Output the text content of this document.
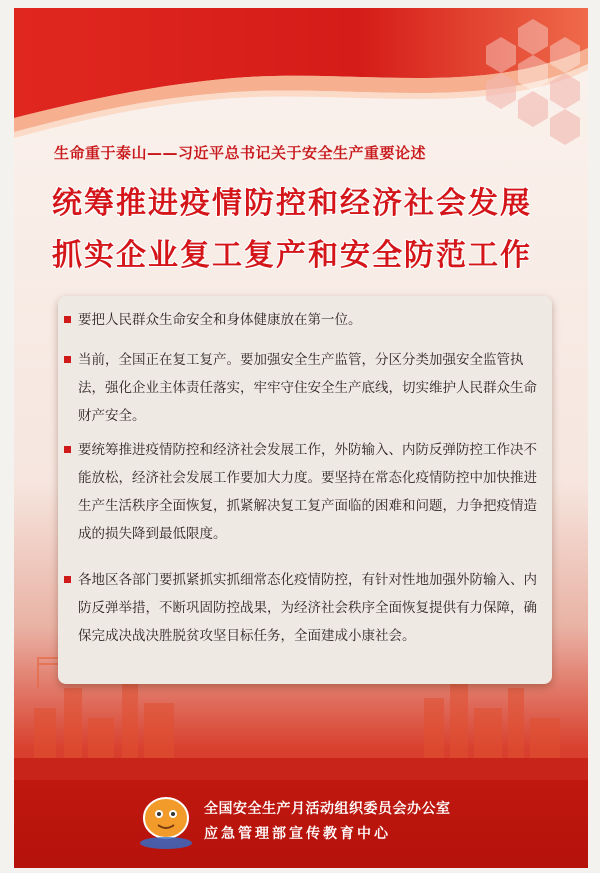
生命重于泰山——习近平总书记关于安全生产重要论述
统筹推进疫情防控和经济社会发展
抓实企业复工复产和安全防范工作
全国安全生产月活动组织委员会办公室
应急管理部宣传教育中心
要把人民群众生命安全和身体健康放在第一位。
当前，全国正在复工复产。要加强安全生产监管，分区分类加强安全监管执法，强化企业主体责任落实，牢牢守住安全生产底线，切实维护人民群众生命财产安全。
要统筹推进疫情防控和经济社会发展工作，外防输入、内防反弹防控工作决不能放松，经济社会发展工作要加大力度。要坚持在常态化疫情防控中加快推进生产生活秩序全面恢复，抓紧解决复工复产面临的困难和问题，力争把疫情造成的损失降到最低限度。
各地区各部门要抓紧抓实抓细常态化疫情防控，有针对性地加强外防输入、内防反弹举措，不断巩固防控战果，为经济社会秩序全面恢复提供有力保障，确保完成决战决胜脱贫攻坚目标任务，全面建成小康社会。
